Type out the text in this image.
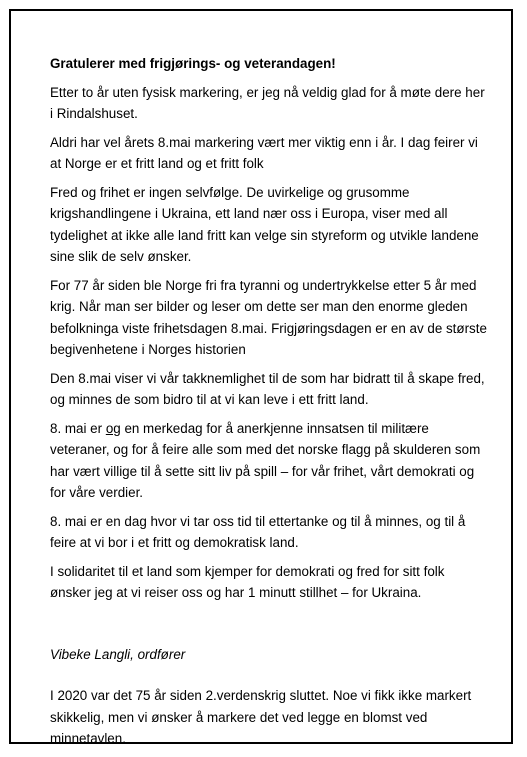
Gratulerer med frigjørings- og veterandagen!

Etter to år uten fysisk markering, er jeg nå veldig glad for å møte dere her i Rindalshuset.

Aldri har vel årets 8.mai markering vært mer viktig enn i år. I dag feirer vi at Norge er et fritt land og et fritt folk

Fred og frihet er ingen selvfølge. De uvirkelige og grusomme krigshandlingene i Ukraina, ett land nær oss i Europa, viser med all tydelighet at ikke alle land fritt kan velge sin styreform og utvikle landene sine slik de selv ønsker.

For 77 år siden ble Norge fri fra tyranni og undertrykkelse etter 5 år med krig. Når man ser bilder og leser om dette ser man den enorme gleden befolkninga viste frihetsdagen 8.mai. Frigjøringsdagen er en av de største begivenhetene i Norges historien

Den 8.mai viser vi vår takknemlighet til de som har bidratt til å skape fred, og minnes de som bidro til at vi kan leve i ett fritt land.

8. mai er og en merkedag for å anerkjenne innsatsen til militære veteraner, og for å feire alle som med det norske flagg på skulderen som har vært villige til å sette sitt liv på spill – for vår frihet, vårt demokrati og for våre verdier.

8. mai er en dag hvor vi tar oss tid til ettertanke og til å minnes, og til å feire at vi bor i et fritt og demokratisk land.

I solidaritet til et land som kjemper for demokrati og fred for sitt folk ønsker jeg at vi reiser oss og har 1 minutt stillhet – for Ukraina.

Vibeke Langli, ordfører

I 2020 var det 75 år siden 2.verdenskrig sluttet. Noe vi fikk ikke markert skikkelig, men vi ønsker å markere det ved legge en blomst ved minnetavlen.
